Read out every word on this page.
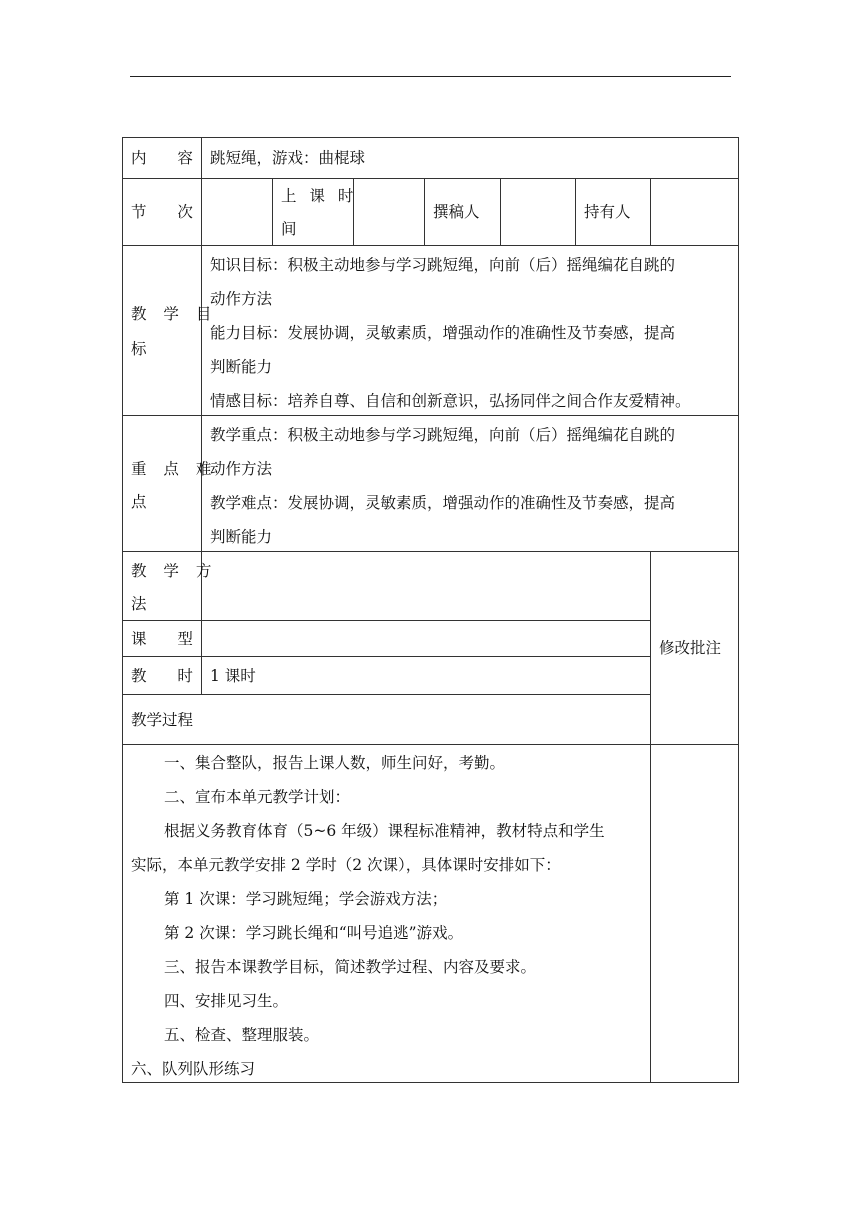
内 容 跳短绳，游戏：曲棍球
节 次
上 课 时
间
撰稿人	持有人
教 学 目
标
知识目标：积极主动地参与学习跳短绳，向前（后）摇绳编花自跳的
动作方法
能力目标：发展协调，灵敏素质，增强动作的准确性及节奏感，提高
判断能力
情感目标：培养自尊、自信和创新意识，弘扬同伴之间合作友爱精神。
重 点 难
点
教学重点：积极主动地参与学习跳短绳，向前（后）摇绳编花自跳的
动作方法
教学难点：发展协调，灵敏素质，增强动作的准确性及节奏感，提高
判断能力
教 学 方
法
课 型
教 时 1 课时
修改批注
教学过程
一、集合整队，报告上课人数，师生问好，考勤。
二、宣布本单元教学计划：
根据义务教育体育（5~6 年级）课程标准精神，教材特点和学生
实际，本单元教学安排 2 学时（2 次课），具体课时安排如下：
第 1 次课：学习跳短绳；学会游戏方法；
第 2 次课：学习跳长绳和“叫号追逃”游戏。
三、报告本课教学目标，简述教学过程、内容及要求。
四、安排见习生。
五、检查、整理服装。
六、队列队形练习
